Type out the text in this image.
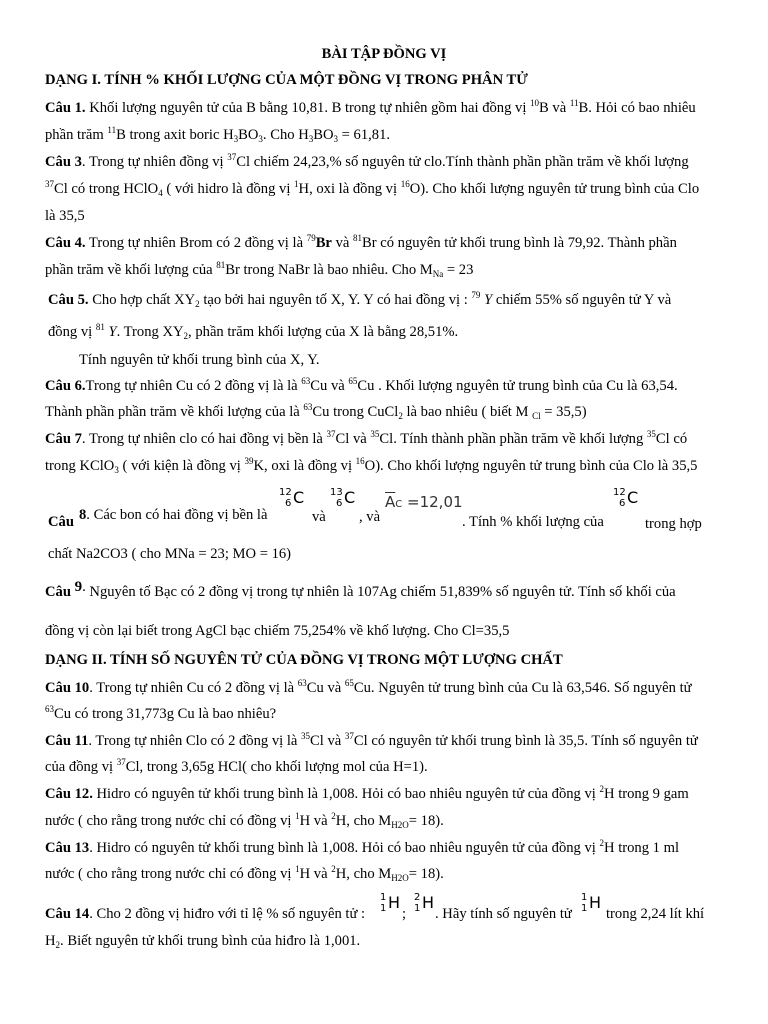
BÀI TẬP ĐỒNG VỊ
DẠNG I. TÍNH % KHỐI LƯỢNG CỦA MỘT ĐỒNG VỊ TRONG PHÂN TỬ
Câu 1. Khối lượng nguyên tử của B bằng 10,81. B trong tự nhiên gồm hai đồng vị $^{10}$B và $^{11}$B. Hỏi có bao nhiêu
phần trăm $^{11}$B trong axit boric $H_3BO_3$. Cho $H_3BO_3 = 61,81$.
Câu 3. Trong tự nhiên đồng vị $^{37}$Cl chiếm 24,23,% số nguyên tử clo.Tính thành phần phần trăm về khối lượng
$^{37}$Cl có trong HClO$_4$ ( với hidro là đồng vị $^1$H, oxi là đồng vị $^{16}$O). Cho khối lượng nguyên tử trung bình của Clo
là 35,5
Câu 4. Trong tự nhiên Brom có 2 đồng vị là $^{79}$Br và $^{81}$Br có nguyên tử khối trung bình là 79,92. Thành phần
phần trăm về khối lượng của $^{81}$Br trong NaBr là bao nhiêu. Cho $M_{Na} = 23$
Câu 5. Cho hợp chất $XY_2$ tạo bởi hai nguyên tố X, Y. Y có hai đồng vị : $^{79}$ Y chiếm 55% số nguyên tử Y và
đồng vị $^{81}$ Y. Trong $XY_2$, phần trăm khối lượng của X là bằng 28,51%.
Tính nguyên tử khối trung bình của X, Y.
Câu 6.Trong tự nhiên Cu có 2 đồng vị là là $^{63}$Cu và $^{65}$Cu . Khối lượng nguyên tử trung bình của Cu là 63,54.
Thành phần phần trăm về khối lượng của là $^{63}$Cu trong CuCl$_2$ là bao nhiêu ( biết M $_{Cl}$ = 35,5)
Câu 7. Trong tự nhiên clo có hai đồng vị bền là $^{37}$Cl và $^{35}$Cl. Tính thành phần phần trăm về khối lượng $^{35}$Cl có
trong KClO$_3$ ( với kiện là đồng vị $^{39}$K, oxi là đồng vị $^{16}$O). Cho khối lượng nguyên tử trung bình của Clo là 35,5
Câu 8. Các bon có hai đồng vị bền là
12
6 C
và
13
6 C
, và
$\overline{A}C =12,01$
. Tính % khối lượng của
12
6 C
trong hợp
chất Na2CO3 ( cho MNa = 23; MO = 16)
Câu 9. Nguyên tố Bạc có 2 đồng vị trong tự nhiên là 107Ag chiếm 51,839% số nguyên tử. Tính số khối của
đồng vị còn lại biết trong AgCl bạc chiếm 75,254% về khố lượng. Cho Cl=35,5
DẠNG II. TÍNH SỐ NGUYÊN TỬ CỦA ĐỒNG VỊ TRONG MỘT LƯỢNG CHẤT
Câu 10. Trong tự nhiên Cu có 2 đồng vị là $^{63}$Cu và $^{65}$Cu. Nguyên tử trung bình của Cu là 63,546. Số nguyên tử
$^{63}$Cu có trong 31,773g Cu là bao nhiêu?
Câu 11. Trong tự nhiên Clo có 2 đồng vị là $^{35}$Cl và $^{37}$Cl có nguyên tử khối trung bình là 35,5. Tính số nguyên tử
của đồng vị $^{37}$Cl, trong 3,65g HCl( cho khối lượng mol của H=1).
Câu 12. Hidro có nguyên tử khối trung bình là 1,008. Hỏi có bao nhiêu nguyên tử của đồng vị $^2$H trong 9 gam
nước ( cho rằng trong nước chỉ có đồng vị $^1$H và $^2$H, cho $M_{H2O}= 18$).
Câu 13. Hidro có nguyên tử khối trung bình là 1,008. Hỏi có bao nhiêu nguyên tử của đồng vị $^2$H trong 1 ml
nước ( cho rằng trong nước chỉ có đồng vị $^1$H và $^2$H, cho $M_{H2O}= 18$).
Câu 14. Cho 2 đồng vị hiđro với tỉ lệ % số nguyên tử :
1
1 H
;
2
1 H
. Hãy tính số nguyên tử
1
1 H
trong 2,24 lít khí
$H_2$. Biết nguyên tử khối trung bình của hiđro là 1,001.
